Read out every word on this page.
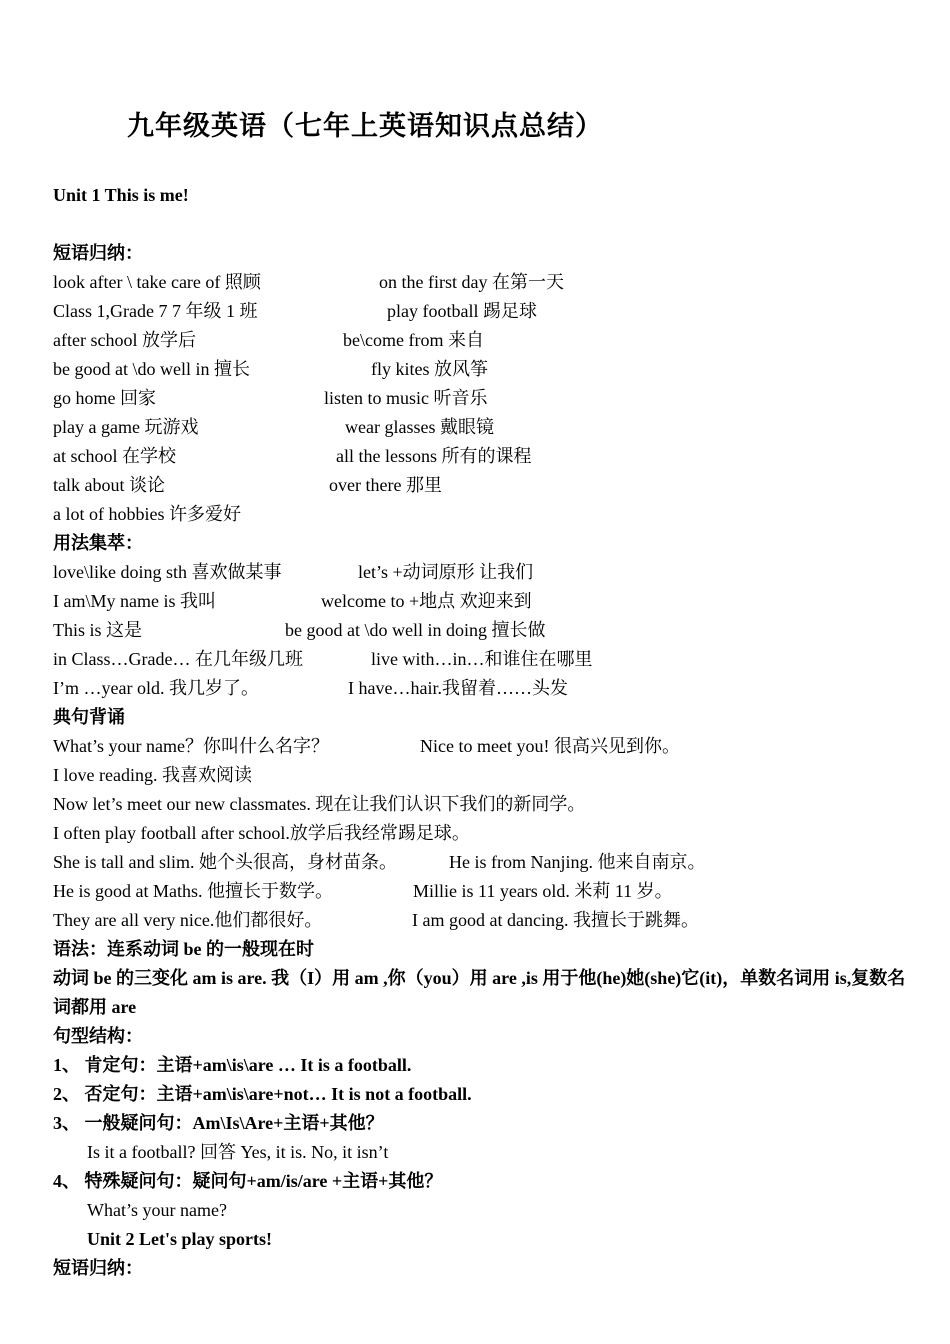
九年级英语（七年上英语知识点总结）
Unit 1 This is me!
短语归纳：
look after \ take care of 照顾	on the first day 在第一天
Class 1,Grade 7 7 年级 1 班	play football 踢足球
after school 放学后	be\come from 来自
be good at \do well in 擅长	fly kites 放风筝
go home 回家	listen to music 听音乐
play a game 玩游戏	wear glasses 戴眼镜
at school 在学校	all the lessons 所有的课程
talk about 谈论	over there 那里
a lot of hobbies 许多爱好
用法集萃：
love\like doing sth 喜欢做某事	let’s +动词原形 让我们
I am\My name is 我叫	welcome to +地点 欢迎来到
This is 这是	be good at \do well in doing 擅长做
in Class…Grade… 在几年级几班	live with…in…和谁住在哪里
I’m …year old. 我几岁了。	I have…hair.我留着……头发
典句背诵
What’s your name？你叫什么名字？	Nice to meet you! 很高兴见到你。
I love reading. 我喜欢阅读
Now let’s meet our new classmates. 现在让我们认识下我们的新同学。
I often play football after school.放学后我经常踢足球。
She is tall and slim. 她个头很高，身材苗条。	He is from Nanjing. 他来自南京。
He is good at Maths. 他擅长于数学。	Millie is 11 years old. 米莉 11 岁。
They are all very nice.他们都很好。	I am good at dancing. 我擅长于跳舞。
语法：连系动词 be 的一般现在时
动词 be 的三变化 am is are. 我（I）用 am ,你（you）用 are ,is 用于他(he)她(she)它(it)，单数名词用 is,复数名词都用 are
句型结构：
1、 肯定句：主语+am\is\are … It is a football.
2、 否定句：主语+am\is\are+not… It is not a football.
3、 一般疑问句：Am\Is\Are+主语+其他？
Is it a football? 回答 Yes, it is. No, it isn’t
4、 特殊疑问句：疑问句+am/is/are +主语+其他？
What’s your name?
Unit 2 Let's play sports!
短语归纳：
